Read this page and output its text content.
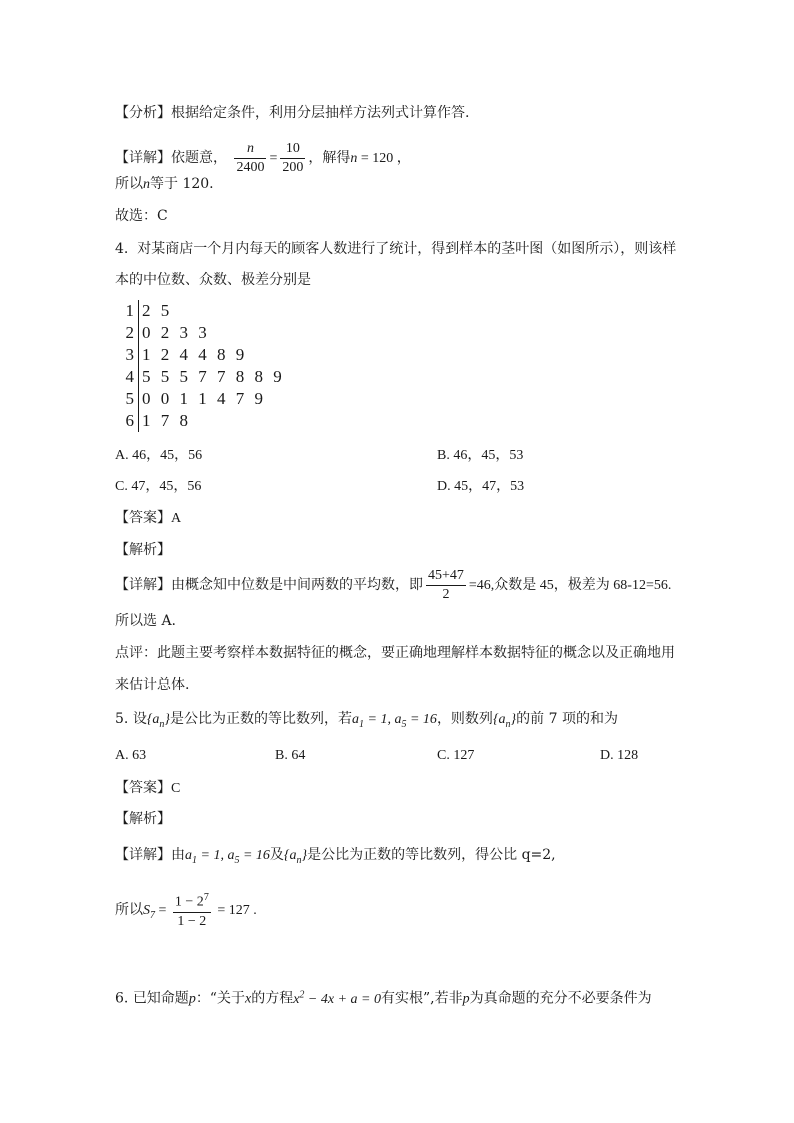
【分析】根据给定条件，利用分层抽样方法列式计算作答.
【详解】依题意， $\frac{n}{2400} = \frac{10}{200}$ ，解得n = 120 ，
所以n等于 120.
故选：C
4. 对某商店一个月内每天的顾客人数进行了统计，得到样本的茎叶图（如图所示），则该样
本的中位数、众数、极差分别是
1 2 5
2 0 2 3 3
3 1 2 4 4 8 9
4 5 5 5 7 7 8 8 9
5 0 0 1 1 4 7 9
6 1 7 8
A. 46，45，56	B. 46，45，53
C. 47，45，56	D. 45，47，53
【答案】A
【解析】
【详解】由概念知中位数是中间两数的平均数，即 $\frac{45+47}{2} =46$,众数是 45，极差为 68-12=56.
所以选 A.
点评：此题主要考察样本数据特征的概念，要正确地理解样本数据特征的概念以及正确地用
来估计总体.
5. 设$\{a_n\}$是公比为正数的等比数列，若$a_1 = 1$, $a_5 = 16$，则数列$\{a_n\}$的前 7 项的和为
A. 63	B. 64	C. 127	D. 128
【答案】C
【解析】
【详解】由$a_1 = 1$, $a_5 = 16$及$\{a_n\}$是公比为正数的等比数列，得公比 q=2,
所以$S_7 = \frac{1 - 2^7}{1 - 2} = 127$ .
6. 已知命题p：“关于x的方程$x^2 - 4x + a = 0$有实根”,若非p为真命题的充分不必要条件为
